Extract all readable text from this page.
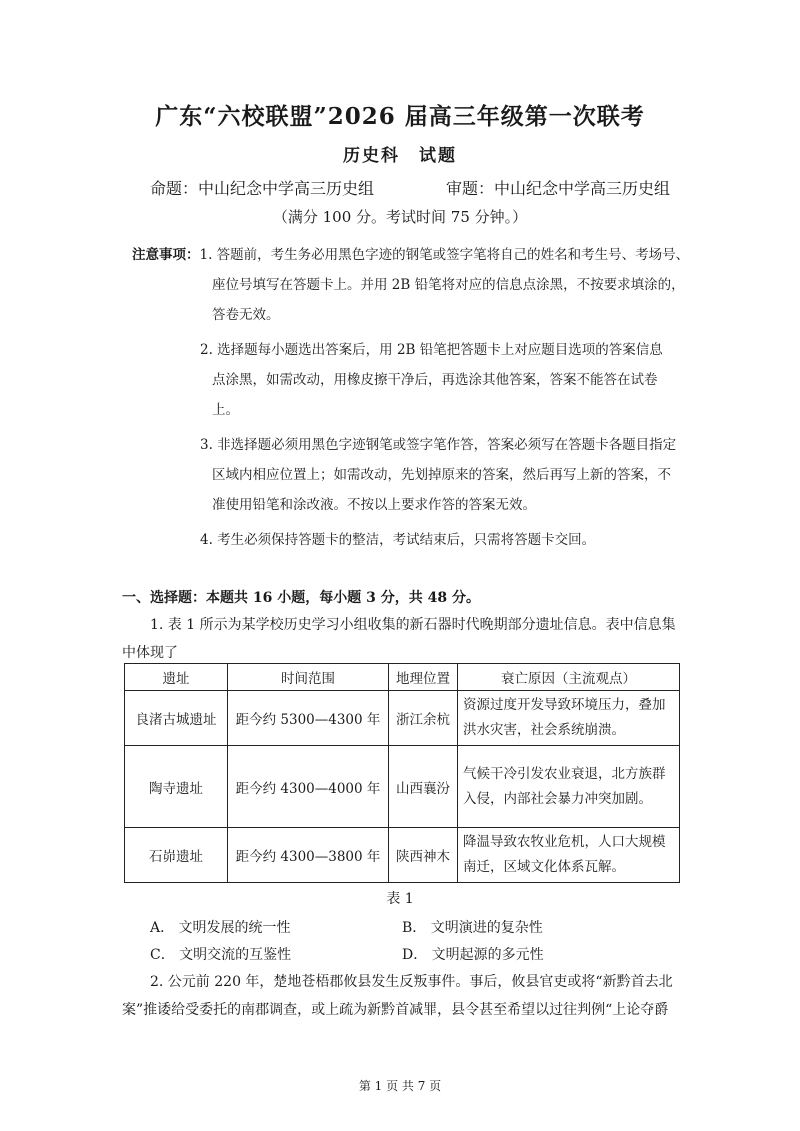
广东“六校联盟”2026 届高三年级第一次联考
历史科　试题
命题：中山纪念中学高三历史组	审题：中山纪念中学高三历史组
（满分 100 分。考试时间 75 分钟。）
注意事项：1. 答题前，考生务必用黑色字迹的钢笔或签字笔将自己的姓名和考生号、考场号、
座位号填写在答题卡上。并用 2B 铅笔将对应的信息点涂黑，不按要求填涂的，
答卷无效。
2. 选择题每小题选出答案后，用 2B 铅笔把答题卡上对应题目选项的答案信息
点涂黑，如需改动，用橡皮擦干净后，再选涂其他答案，答案不能答在试卷
上。
3. 非选择题必须用黑色字迹钢笔或签字笔作答，答案必须写在答题卡各题目指定
区域内相应位置上；如需改动，先划掉原来的答案，然后再写上新的答案，不
准使用铅笔和涂改液。不按以上要求作答的答案无效。
4. 考生必须保持答题卡的整洁，考试结束后，只需将答题卡交回。
一、选择题：本题共 16 小题，每小题 3 分，共 48 分。
1. 表 1 所示为某学校历史学习小组收集的新石器时代晚期部分遗址信息。表中信息集中体现了
遗址	时间范围	地理位置	衰亡原因（主流观点）
良渚古城遗址	距今约 5300—4300 年	浙江余杭	资源过度开发导致环境压力，叠加洪水灾害，社会系统崩溃。
陶寺遗址	距今约 4300—4000 年	山西襄汾	气候干冷引发农业衰退，北方族群入侵，内部社会暴力冲突加剧。
石峁遗址	距今约 4300—3800 年	陕西神木	降温导致农牧业危机，人口大规模南迁，区域文化体系瓦解。
表 1
A． 文明发展的统一性	B． 文明演进的复杂性
C． 文明交流的互鉴性	D． 文明起源的多元性
2. 公元前 220 年，楚地苍梧郡攸县发生反叛事件。事后，攸县官吏或将“新黔首去北案”推诿给受委托的南郡调查，或上疏为新黔首减罪，县令甚至希望以过往判例“上论夺爵
第 1 页 共 7 页
